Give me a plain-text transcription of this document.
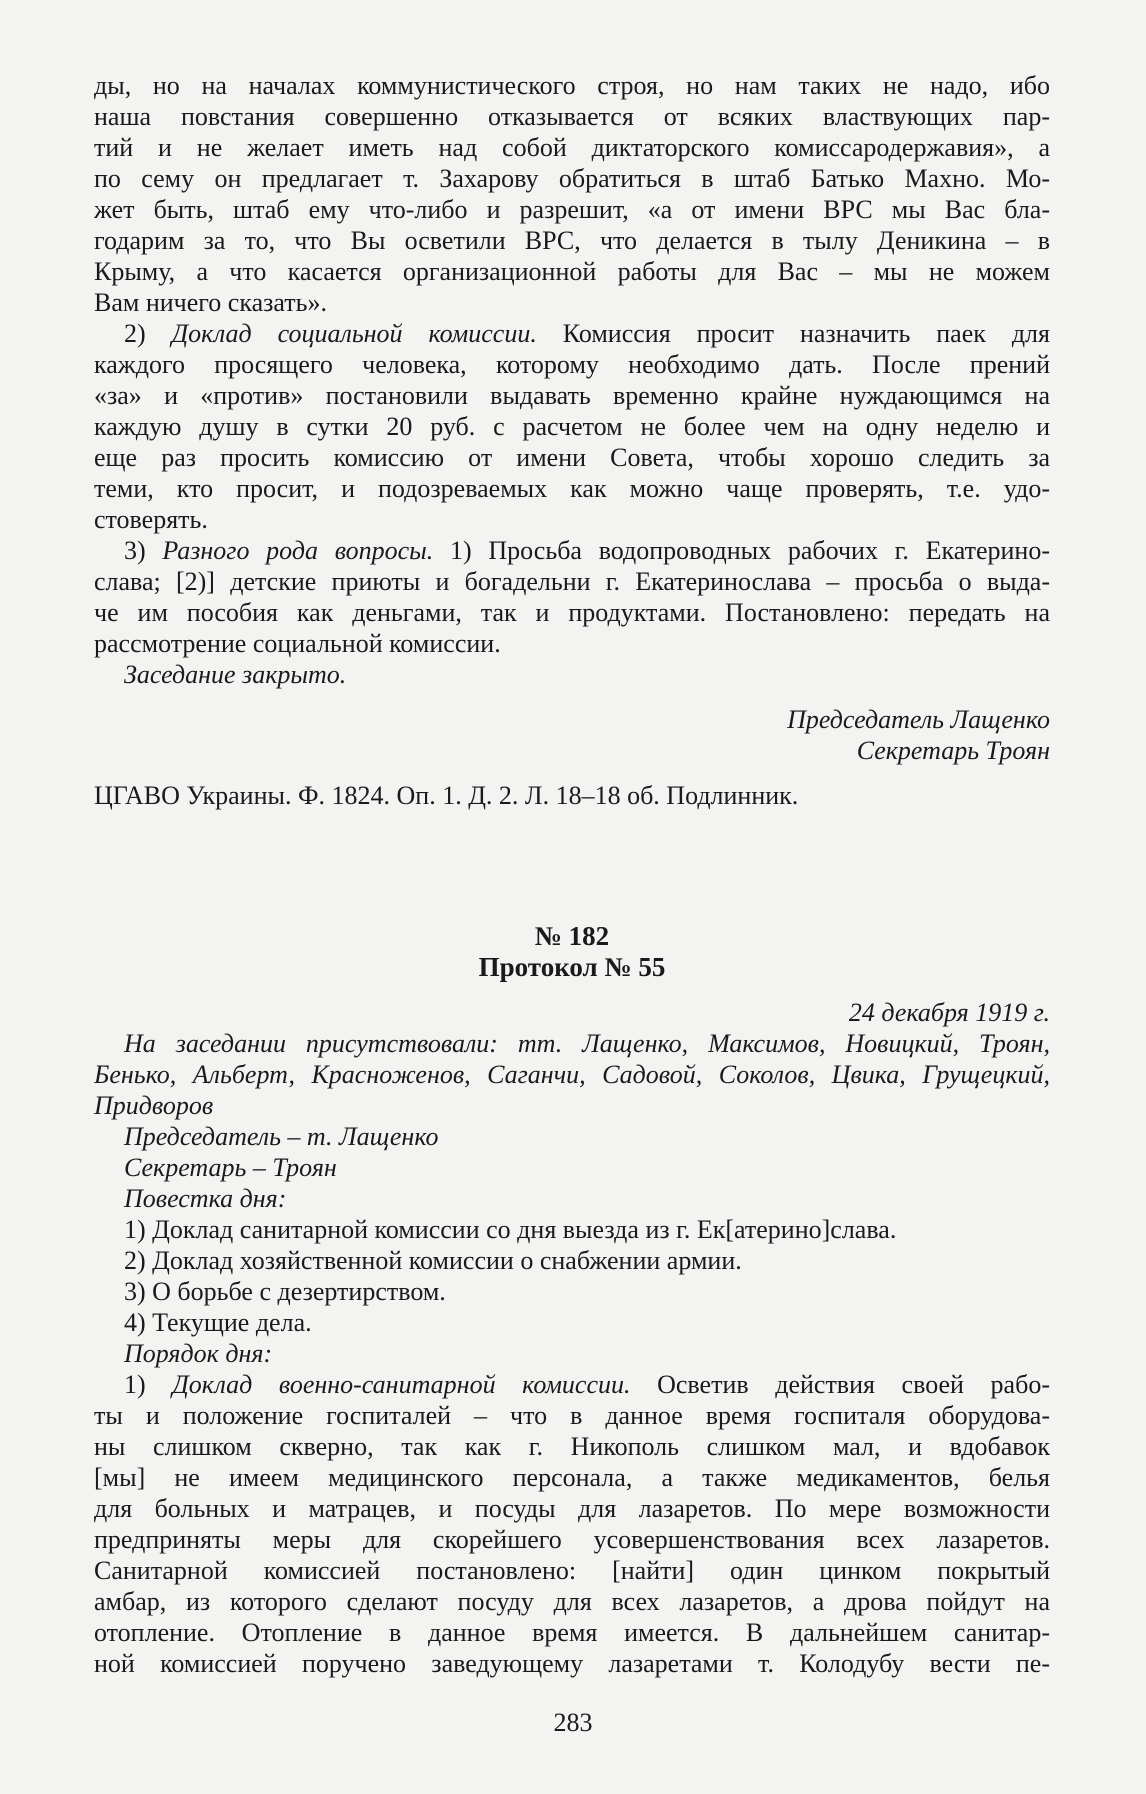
ды, но на началах коммунистического строя, но нам таких не надо, ибо
наша повстания совершенно отказывается от всяких властвующих пар-
тий и не желает иметь над собой диктаторского комиссародержавия», а
по сему он предлагает т. Захарову обратиться в штаб Батько Махно. Мо-
жет быть, штаб ему что-либо и разрешит, «а от имени ВРС мы Вас бла-
годарим за то, что Вы осветили ВРС, что делается в тылу Деникина – в
Крыму, а что касается организационной работы для Вас – мы не можем
Вам ничего сказать».
2) Доклад социальной комиссии. Комиссия просит назначить паек для
каждого просящего человека, которому необходимо дать. После прений
«за» и «против» постановили выдавать временно крайне нуждающимся на
каждую душу в сутки 20 руб. с расчетом не более чем на одну неделю и
еще раз просить комиссию от имени Совета, чтобы хорошо следить за
теми, кто просит, и подозреваемых как можно чаще проверять, т.е. удо-
стоверять.
3) Разного рода вопросы. 1) Просьба водопроводных рабочих г. Екатерино-
слава; [2)] детские приюты и богадельни г. Екатеринослава – просьба о выда-
че им пособия как деньгами, так и продуктами. Постановлено: передать на
рассмотрение социальной комиссии.
Заседание закрыто.
Председатель Лащенко
Секретарь Троян
ЦГАВО Украины. Ф. 1824. Оп. 1. Д. 2. Л. 18–18 об. Подлинник.
№ 182
Протокол № 55
24 декабря 1919 г.
На заседании присутствовали: тт. Лащенко, Максимов, Новицкий, Троян,
Бенько, Альберт, Красноженов, Саганчи, Садовой, Соколов, Цвика, Грущецкий,
Придворов
Председатель – т. Лащенко
Секретарь – Троян
Повестка дня:
1) Доклад санитарной комиссии со дня выезда из г. Ек[атерино]слава.
2) Доклад хозяйственной комиссии о снабжении армии.
3) О борьбе с дезертирством.
4) Текущие дела.
Порядок дня:
1) Доклад военно-санитарной комиссии. Осветив действия своей рабо-
ты и положение госпиталей – что в данное время госпиталя оборудова-
ны слишком скверно, так как г. Никополь слишком мал, и вдобавок
[мы] не имеем медицинского персонала, а также медикаментов, белья
для больных и матрацев, и посуды для лазаретов. По мере возможности
предприняты меры для скорейшего усовершенствования всех лазаретов.
Санитарной комиссией постановлено: [найти] один цинком покрытый
амбар, из которого сделают посуду для всех лазаретов, а дрова пойдут на
отопление. Отопление в данное время имеется. В дальнейшем санитар-
ной комиссией поручено заведующему лазаретами т. Колодубу вести пе-
283
